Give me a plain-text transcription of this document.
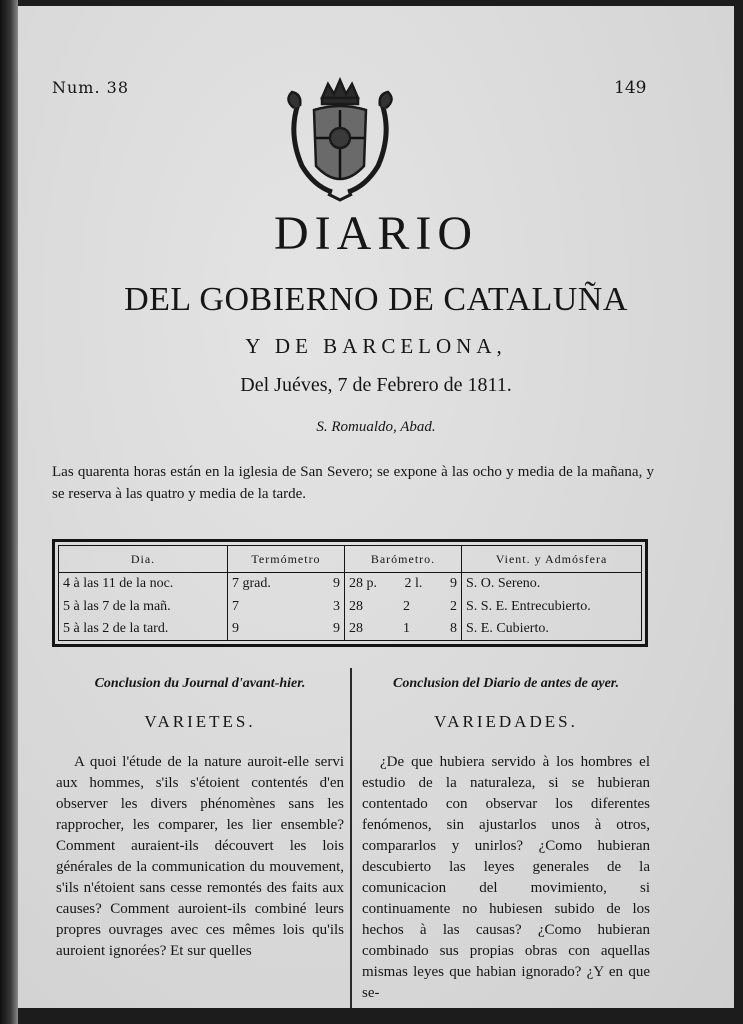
Num. 38	149
DIARIO
DEL GOBIERNO DE CATALUÑA
Y DE BARCELONA,
Del Juéves, 7 de Febrero de 1811.
S. Romualdo, Abad.
Las quarenta horas están en la iglesia de San Severo; se expone à las ocho y media de la mañana, y se reserva à las quatro y media de la tarde.
Dia.	Termómetro	Barómetro.	Vient. y Admósfera
4 à las 11 de la noc.	7 grad. 9	28 p. 2 l. 9	S. O. Sereno.
5 à las 7 de la mañ.	7 3	28 2 2	S. S. E. Entrecubierto.
5 à las 2 de la tard.	9 9	28 1 8	S. E. Cubierto.
Conclusion du Journal d'avant-hier.
VARIETES.

A quoi l'étude de la nature auroit-elle servi aux hommes, s'ils s'étoient contentés d'en observer les divers phénomènes sans les rapprocher, les comparer, les lier ensemble? Comment auraient-ils découvert les lois générales de la communication du mouvement, s'ils n'étoient sans cesse remontés des faits aux causes? Comment auroient-ils combiné leurs propres ouvrages avec ces mêmes lois qu'ils auroient ignorées? Et sur quelles

Conclusion del Diario de antes de ayer.
VARIEDADES.

¿De que hubiera servido à los hombres el estudio de la naturaleza, si se hubieran contentado con observar los diferentes fenómenos, sin ajustarlos unos à otros, compararlos y unirlos? ¿Como hubieran descubierto las leyes generales de la comunicacion del movimiento, si continuamente no hubiesen subido de los hechos à las causas? ¿Como hubieran combinado sus propias obras con aquellas mismas leyes que habian ignorado? ¿Y en que se-
